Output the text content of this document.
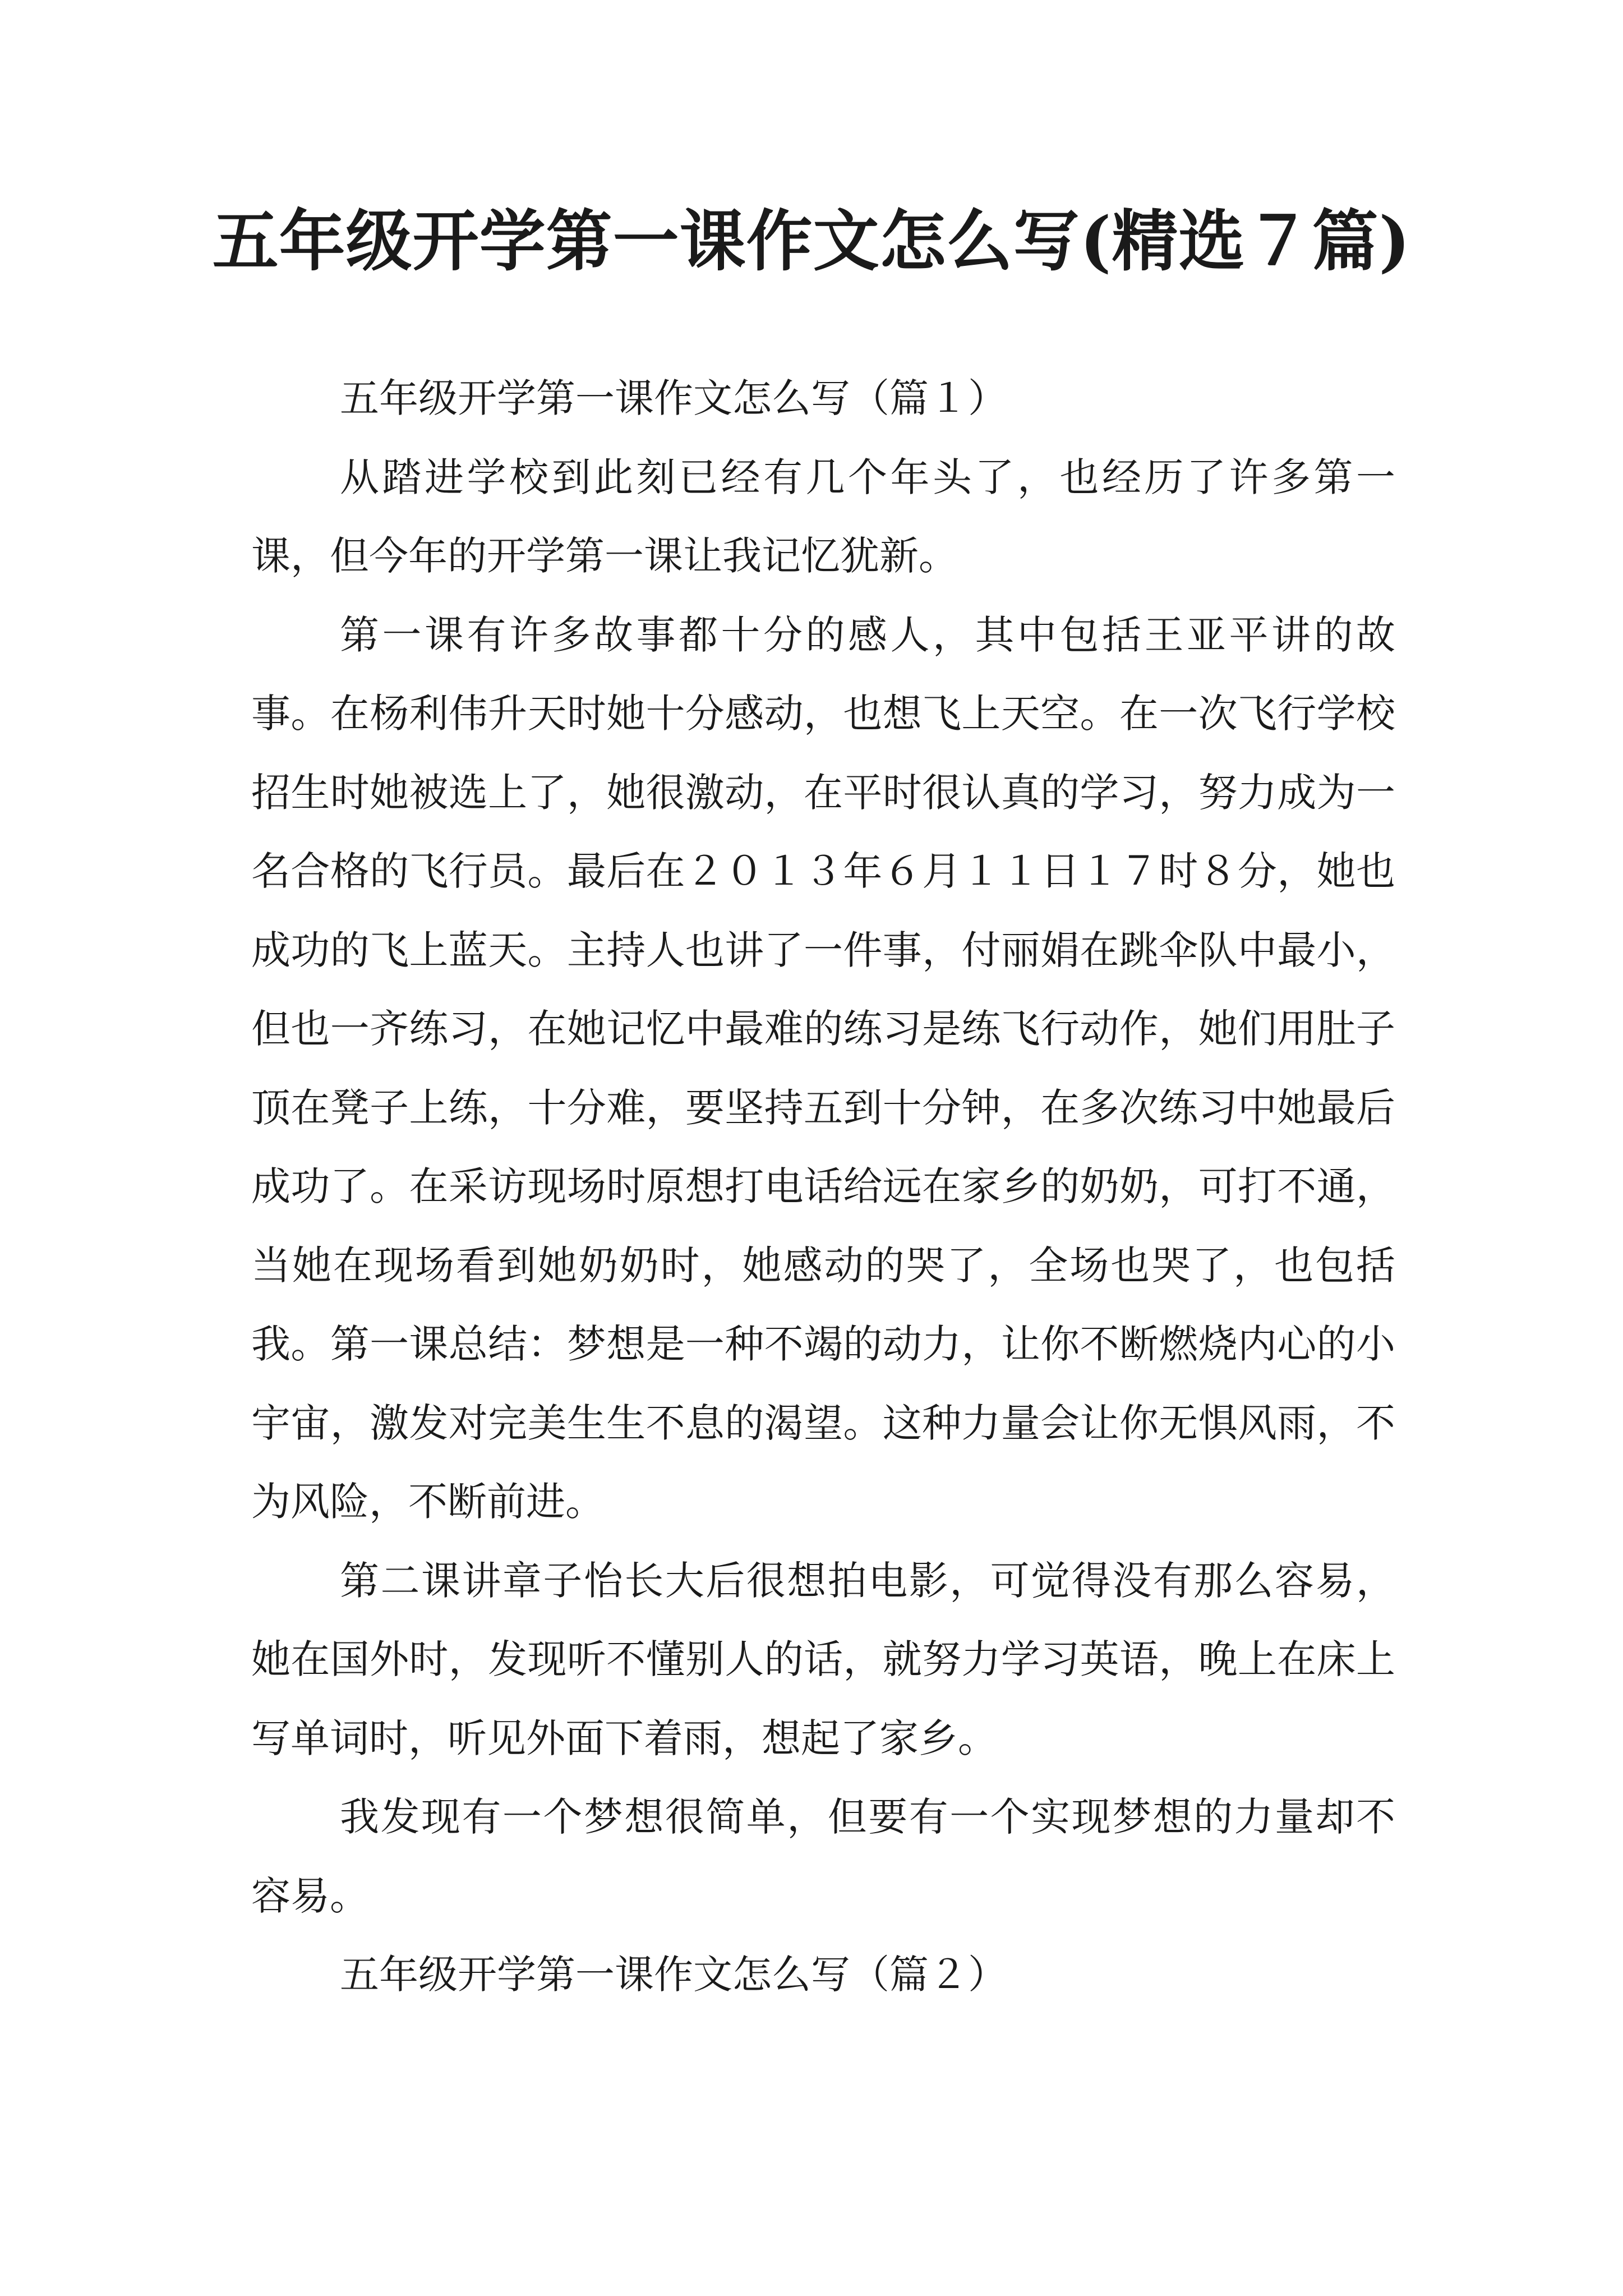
五年级开学第一课作文怎么写(精选７篇)

五年级开学第一课作文怎么写（篇１）

从踏进学校到此刻已经有几个年头了，也经历了许多第一课，但今年的开学第一课让我记忆犹新。

第一课有许多故事都十分的感人，其中包括王亚平讲的故事。在杨利伟升天时她十分感动，也想飞上天空。在一次飞行学校招生时她被选上了，她很激动，在平时很认真的学习，努力成为一名合格的飞行员。最后在２０１３年６月１１日１７时８分，她也成功的飞上蓝天。主持人也讲了一件事，付丽娟在跳伞队中最小，但也一齐练习，在她记忆中最难的练习是练飞行动作，她们用肚子顶在凳子上练，十分难，要坚持五到十分钟，在多次练习中她最后成功了。在采访现场时原想打电话给远在家乡的奶奶，可打不通，当她在现场看到她奶奶时，她感动的哭了，全场也哭了，也包括我。第一课总结：梦想是一种不竭的动力，让你不断燃烧内心的小宇宙，激发对完美生生不息的渴望。这种力量会让你无惧风雨，不为风险，不断前进。

第二课讲章子怡长大后很想拍电影，可觉得没有那么容易，她在国外时，发现听不懂别人的话，就努力学习英语，晚上在床上写单词时，听见外面下着雨，想起了家乡。

我发现有一个梦想很简单，但要有一个实现梦想的力量却不容易。

五年级开学第一课作文怎么写（篇２）
